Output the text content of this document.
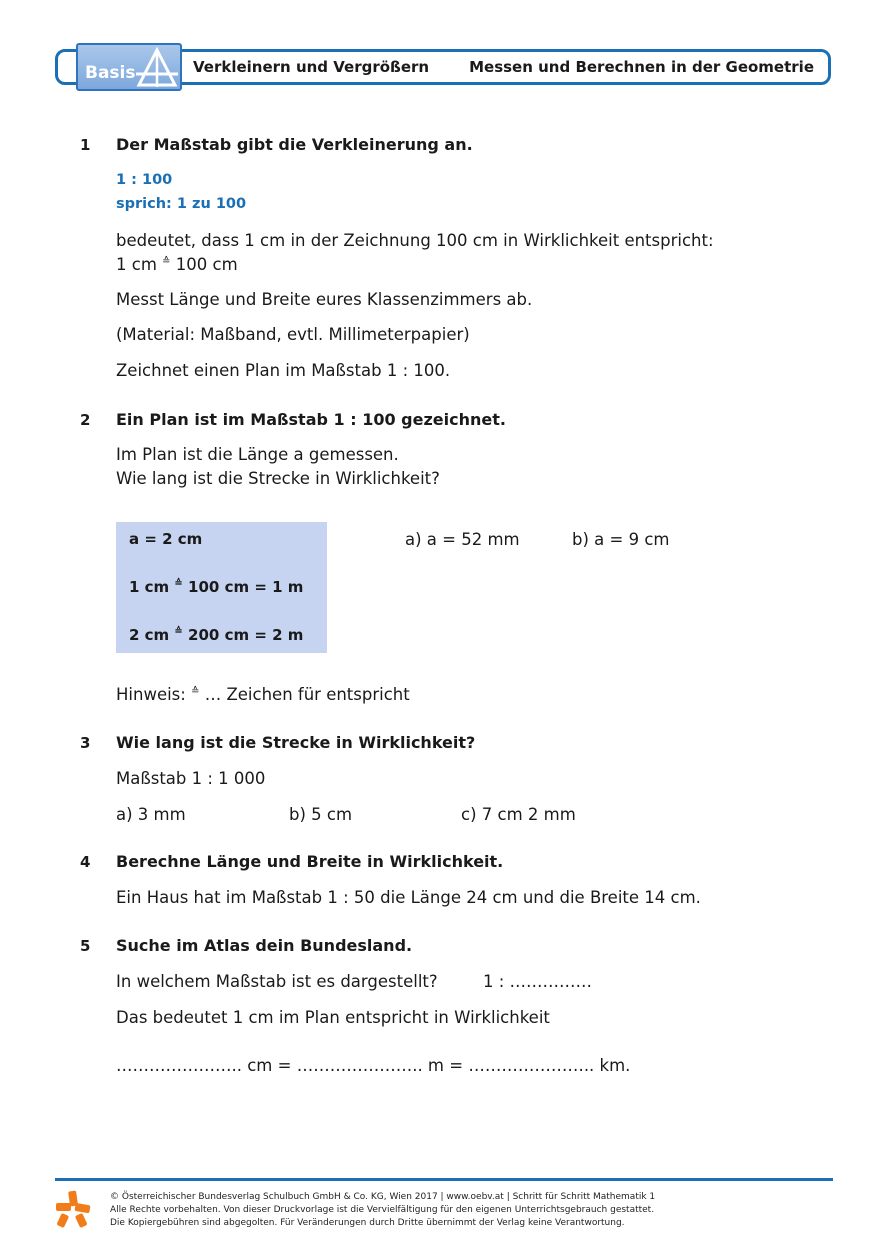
Basis	Verkleinern und Vergrößern	Messen und Berechnen in der Geometrie
1 Der Maßstab gibt die Verkleinerung an.
1 : 100
sprich: 1 zu 100
bedeutet, dass 1 cm in der Zeichnung 100 cm in Wirklichkeit entspricht:
1 cm ≙ 100 cm
Messt Länge und Breite eures Klassenzimmers ab.
(Material: Maßband, evtl. Millimeterpapier)
Zeichnet einen Plan im Maßstab 1 : 100.
2 Ein Plan ist im Maßstab 1 : 100 gezeichnet.
Im Plan ist die Länge a gemessen.
Wie lang ist die Strecke in Wirklichkeit?
a = 2 cm
1 cm ≙ 100 cm = 1 m
2 cm ≙ 200 cm = 2 m
a) a = 52 mm	b) a = 9 cm
Hinweis: ≙ … Zeichen für entspricht
3 Wie lang ist die Strecke in Wirklichkeit?
Maßstab 1 : 1 000
a) 3 mm	b) 5 cm	c) 7 cm 2 mm
4 Berechne Länge und Breite in Wirklichkeit.
Ein Haus hat im Maßstab 1 : 50 die Länge 24 cm und die Breite 14 cm.
5 Suche im Atlas dein Bundesland.
In welchem Maßstab ist es dargestellt?	1 : ……………
Das bedeutet 1 cm im Plan entspricht in Wirklichkeit
………………….. cm = ………………….. m = ………………….. km.
© Österreichischer Bundesverlag Schulbuch GmbH & Co. KG, Wien 2017 | www.oebv.at | Schritt für Schritt Mathematik 1
Alle Rechte vorbehalten. Von dieser Druckvorlage ist die Vervielfältigung für den eigenen Unterrichtsgebrauch gestattet.
Die Kopiergebühren sind abgegolten. Für Veränderungen durch Dritte übernimmt der Verlag keine Verantwortung.
